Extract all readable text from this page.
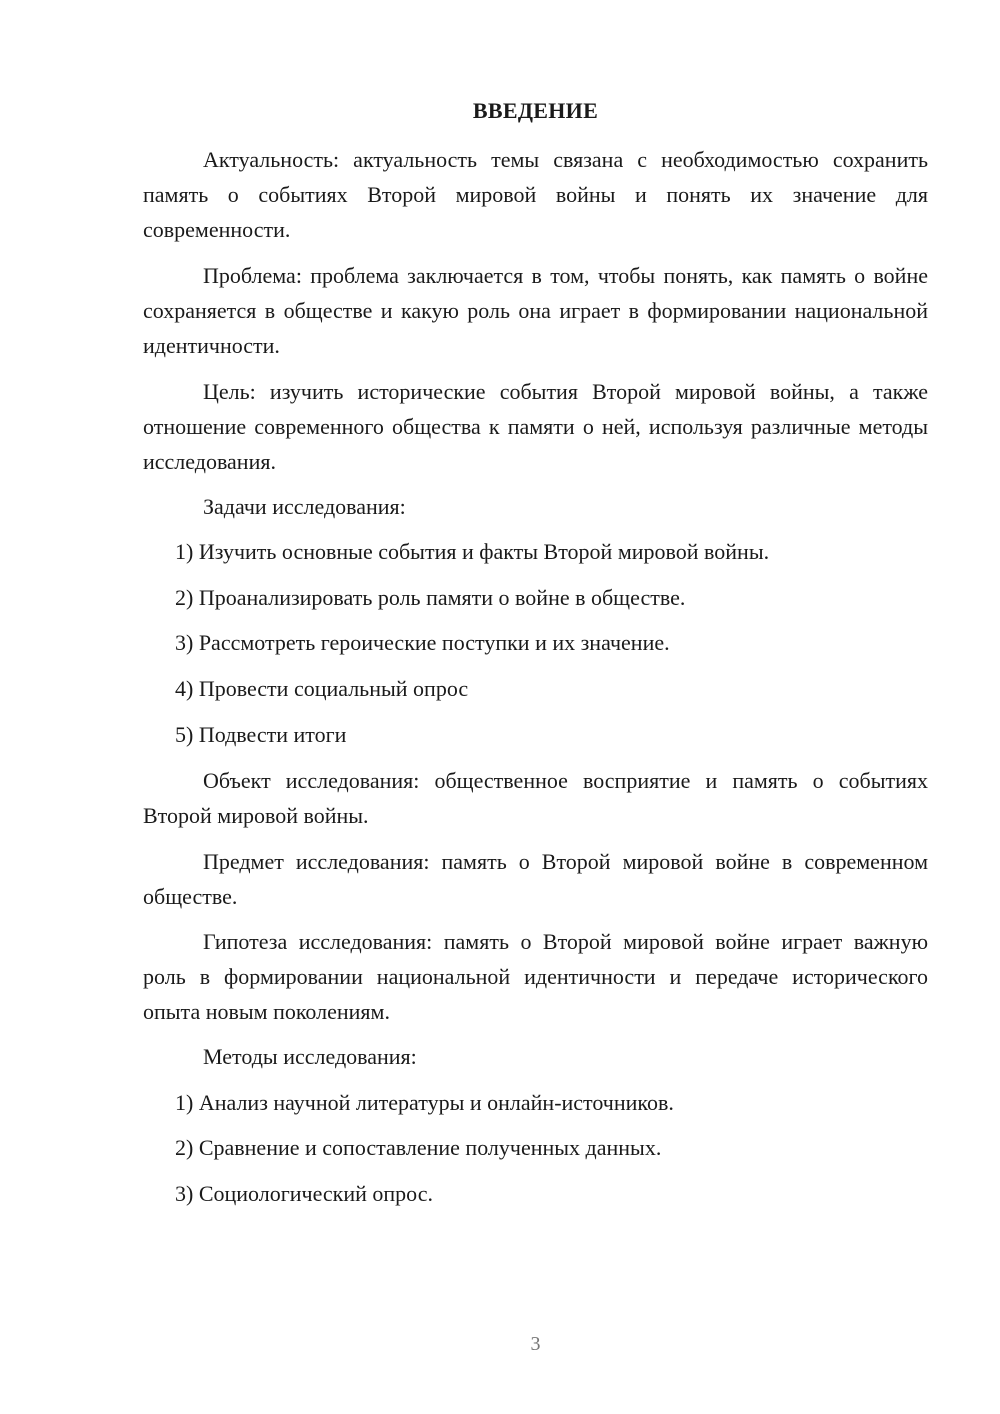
ВВЕДЕНИЕ

Актуальность: актуальность темы связана с необходимостью сохранить память о событиях Второй мировой войны и понять их значение для современности.

Проблема: проблема заключается в том, чтобы понять, как память о войне сохраняется в обществе и какую роль она играет в формировании национальной идентичности.

Цель: изучить исторические события Второй мировой войны, а также отношение современного общества к памяти о ней, используя различные методы исследования.

Задачи исследования:

1) Изучить основные события и факты Второй мировой войны.

2) Проанализировать роль памяти о войне в обществе.

3) Рассмотреть героические поступки и их значение.

4) Провести социальный опрос

5) Подвести итоги

Объект исследования: общественное восприятие и память о событиях Второй мировой войны.

Предмет исследования: память о Второй мировой войне в современном обществе.

Гипотеза исследования: память о Второй мировой войне играет важную роль в формировании национальной идентичности и передаче исторического опыта новым поколениям.

Методы исследования:

1) Анализ научной литературы и онлайн-источников.

2) Сравнение и сопоставление полученных данных.

3) Социологический опрос.

3
